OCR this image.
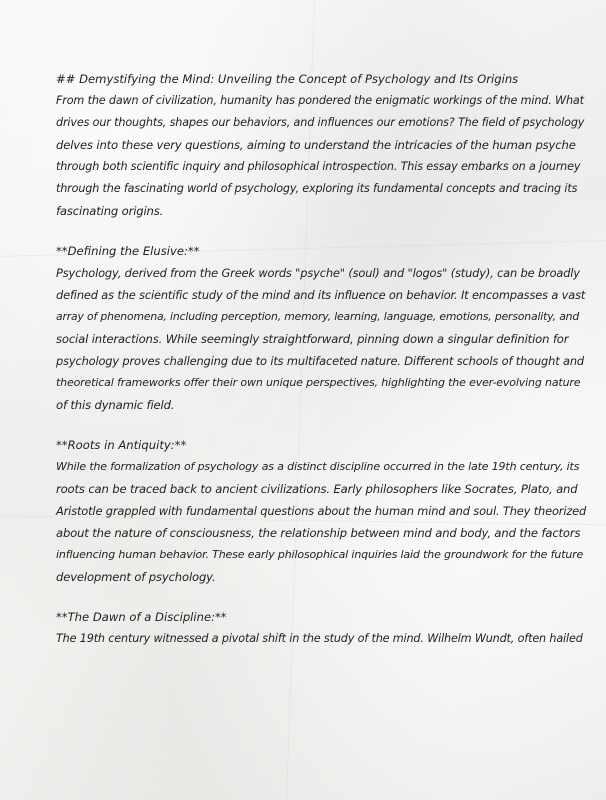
## Demystifying the Mind: Unveiling the Concept of Psychology and Its Origins

From the dawn of civilization, humanity has pondered the enigmatic workings of the mind. What
drives our thoughts, shapes our behaviors, and influences our emotions? The field of psychology
delves into these very questions, aiming to understand the intricacies of the human psyche
through both scientific inquiry and philosophical introspection. This essay embarks on a journey
through the fascinating world of psychology, exploring its fundamental concepts and tracing its
fascinating origins.

**Defining the Elusive:**

Psychology, derived from the Greek words "psyche" (soul) and "logos" (study), can be broadly
defined as the scientific study of the mind and its influence on behavior. It encompasses a vast
array of phenomena, including perception, memory, learning, language, emotions, personality, and
social interactions. While seemingly straightforward, pinning down a singular definition for
psychology proves challenging due to its multifaceted nature. Different schools of thought and
theoretical frameworks offer their own unique perspectives, highlighting the ever-evolving nature
of this dynamic field.

**Roots in Antiquity:**

While the formalization of psychology as a distinct discipline occurred in the late 19th century, its
roots can be traced back to ancient civilizations. Early philosophers like Socrates, Plato, and
Aristotle grappled with fundamental questions about the human mind and soul. They theorized
about the nature of consciousness, the relationship between mind and body, and the factors
influencing human behavior. These early philosophical inquiries laid the groundwork for the future
development of psychology.

**The Dawn of a Discipline:**

The 19th century witnessed a pivotal shift in the study of the mind. Wilhelm Wundt, often hailed
